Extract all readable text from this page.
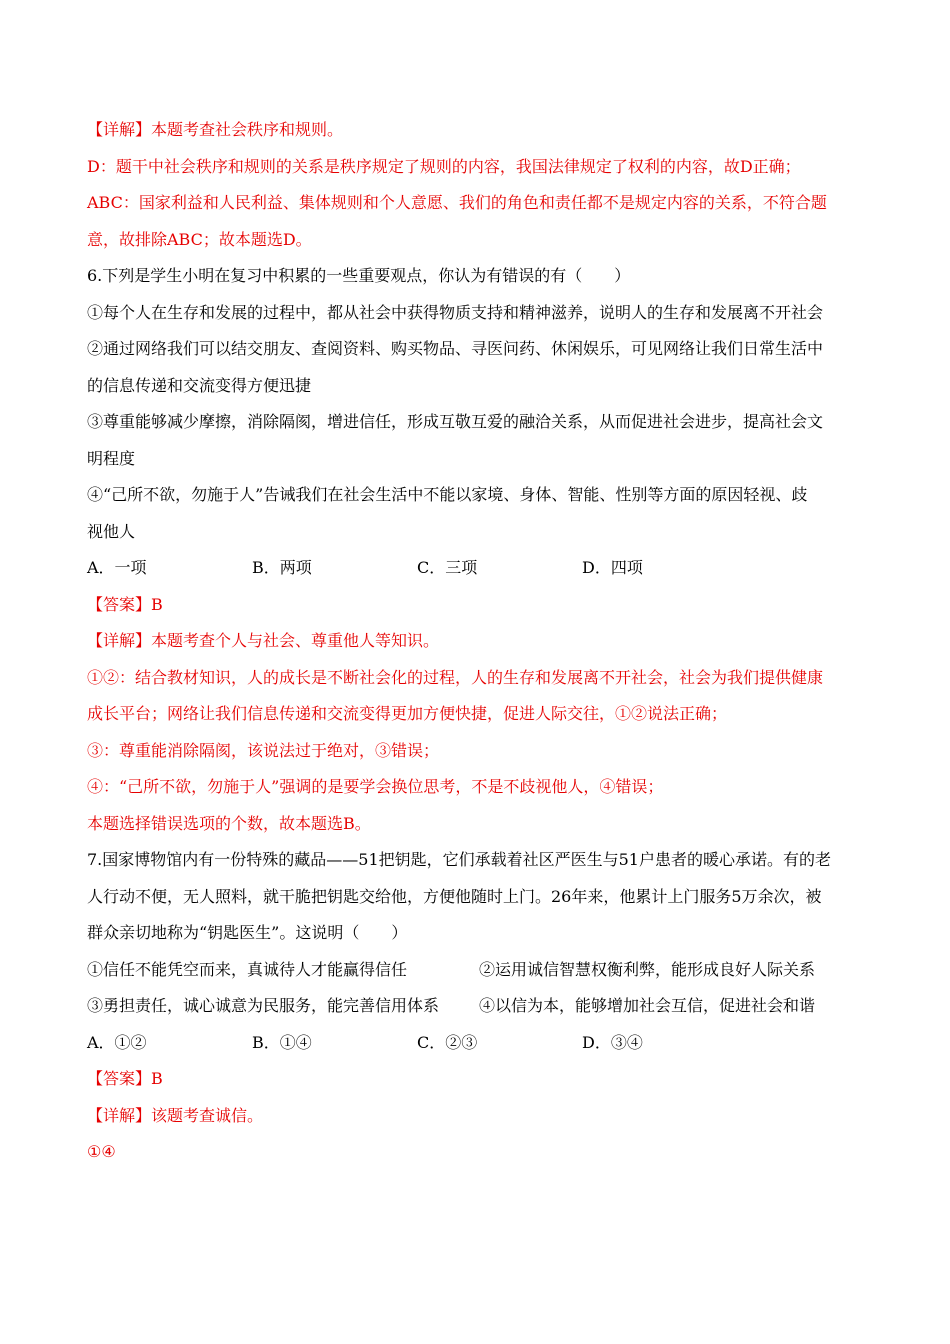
【详解】本题考查社会秩序和规则。
D：题干中社会秩序和规则的关系是秩序规定了规则的内容，我国法律规定了权利的内容，故D正确；
ABC：国家利益和人民利益、集体规则和个人意愿、我们的角色和责任都不是规定内容的关系，不符合题
意，故排除ABC；故本题选D。
6.下列是学生小明在复习中积累的一些重要观点，你认为有错误的有（　　）
①每个人在生存和发展的过程中，都从社会中获得物质支持和精神滋养，说明人的生存和发展离不开社会
②通过网络我们可以结交朋友、查阅资料、购买物品、寻医问药、休闲娱乐，可见网络让我们日常生活中
的信息传递和交流变得方便迅捷
③尊重能够减少摩擦，消除隔阂，增进信任，形成互敬互爱的融洽关系，从而促进社会进步，提高社会文
明程度
④“己所不欲，勿施于人”告诫我们在社会生活中不能以家境、身体、智能、性别等方面的原因轻视、歧
视他人
A．一项	B．两项	C．三项	D．四项
【答案】B
【详解】本题考查个人与社会、尊重他人等知识。
①②：结合教材知识，人的成长是不断社会化的过程，人的生存和发展离不开社会，社会为我们提供健康
成长平台；网络让我们信息传递和交流变得更加方便快捷，促进人际交往，①②说法正确；
③：尊重能消除隔阂，该说法过于绝对，③错误；
④：“己所不欲，勿施于人”强调的是要学会换位思考，不是不歧视他人，④错误；
本题选择错误选项的个数，故本题选B。
7.国家博物馆内有一份特殊的藏品——51把钥匙，它们承载着社区严医生与51户患者的暖心承诺。有的老
人行动不便，无人照料，就干脆把钥匙交给他，方便他随时上门。26年来，他累计上门服务5万余次，被
群众亲切地称为“钥匙医生”。这说明（　　）
①信任不能凭空而来，真诚待人才能赢得信任	②运用诚信智慧权衡利弊，能形成良好人际关系
③勇担责任，诚心诚意为民服务，能完善信用体系	④以信为本，能够增加社会互信，促进社会和谐
A．①②	B．①④	C．②③	D．③④
【答案】B
【详解】该题考查诚信。
①④
